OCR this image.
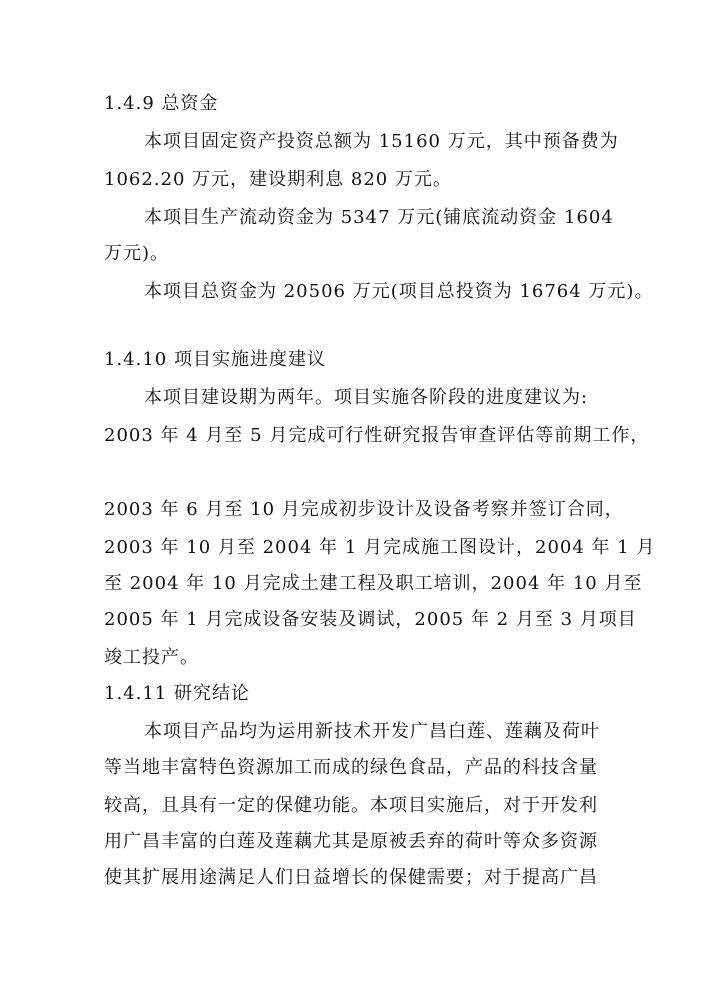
1.4.9 总资金
本项目固定资产投资总额为 15160 万元，其中预备费为
1062.20 万元，建设期利息 820 万元。
本项目生产流动资金为 5347 万元(铺底流动资金 1604
万元)。
本项目总资金为 20506 万元(项目总投资为 16764 万元)。
1.4.10 项目实施进度建议
本项目建设期为两年。项目实施各阶段的进度建议为:
2003 年 4 月至 5 月完成可行性研究报告审查评估等前期工作，
2003 年 6 月至 10 月完成初步设计及设备考察并签订合同，
2003 年 10 月至 2004 年 1 月完成施工图设计，2004 年 1 月
至 2004 年 10 月完成土建工程及职工培训，2004 年 10 月至
2005 年 1 月完成设备安装及调试，2005 年 2 月至 3 月项目
竣工投产。
1.4.11 研究结论
本项目产品均为运用新技术开发广昌白莲、莲藕及荷叶
等当地丰富特色资源加工而成的绿色食品，产品的科技含量
较高，且具有一定的保健功能。本项目实施后，对于开发利
用广昌丰富的白莲及莲藕尤其是原被丢弃的荷叶等众多资源
使其扩展用途满足人们日益增长的保健需要；对于提高广昌
